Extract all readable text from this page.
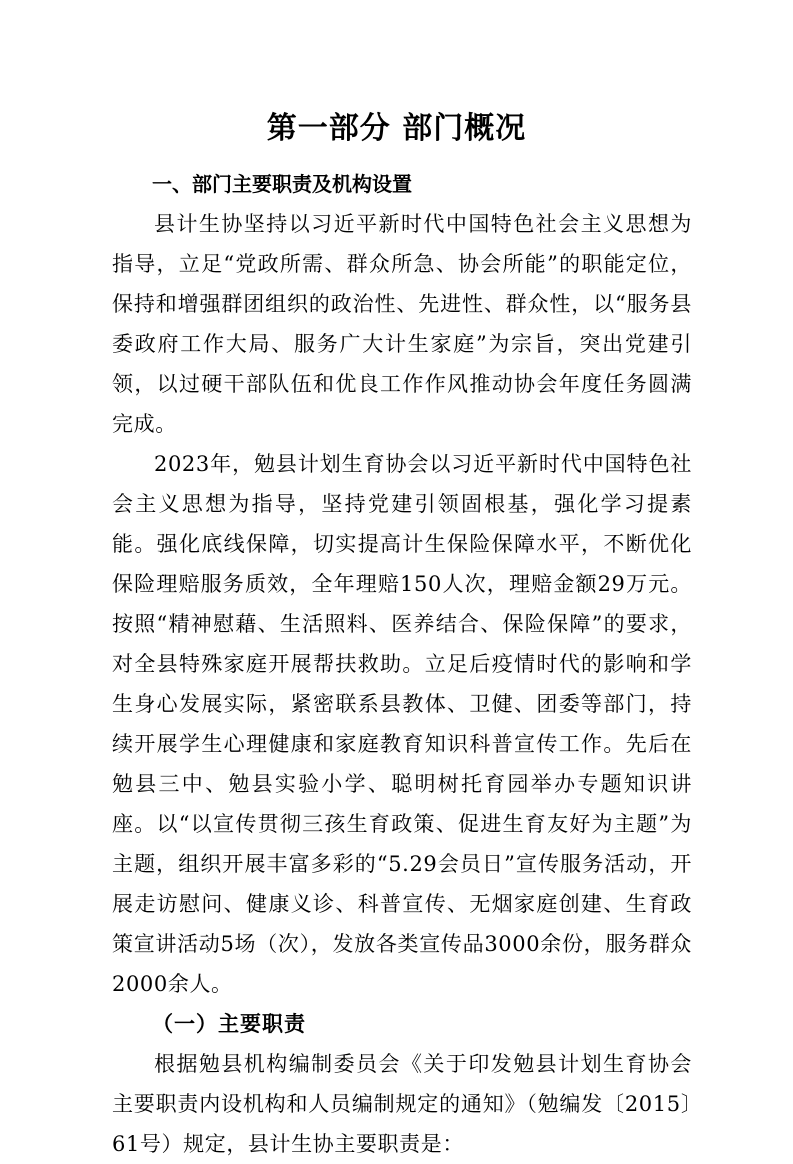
第一部分 部门概况

一、部门主要职责及机构设置

县计生协坚持以习近平新时代中国特色社会主义思想为指导，立足“党政所需、群众所急、协会所能”的职能定位，保持和增强群团组织的政治性、先进性、群众性，以“服务县委政府工作大局、服务广大计生家庭”为宗旨，突出党建引领，以过硬干部队伍和优良工作作风推动协会年度任务圆满完成。

2023年，勉县计划生育协会以习近平新时代中国特色社会主义思想为指导，坚持党建引领固根基，强化学习提素能。强化底线保障，切实提高计生保险保障水平，不断优化保险理赔服务质效，全年理赔150人次，理赔金额29万元。按照“精神慰藉、生活照料、医养结合、保险保障”的要求，对全县特殊家庭开展帮扶救助。立足后疫情时代的影响和学生身心发展实际，紧密联系县教体、卫健、团委等部门，持续开展学生心理健康和家庭教育知识科普宣传工作。先后在勉县三中、勉县实验小学、聪明树托育园举办专题知识讲座。以“以宣传贯彻三孩生育政策、促进生育友好为主题”为主题，组织开展丰富多彩的“5.29会员日”宣传服务活动，开展走访慰问、健康义诊、科普宣传、无烟家庭创建、生育政策宣讲活动5场（次），发放各类宣传品3000余份，服务群众2000余人。

（一）主要职责

根据勉县机构编制委员会《关于印发勉县计划生育协会主要职责内设机构和人员编制规定的通知》（勉编发〔2015〕61号）规定，县计生协主要职责是：
